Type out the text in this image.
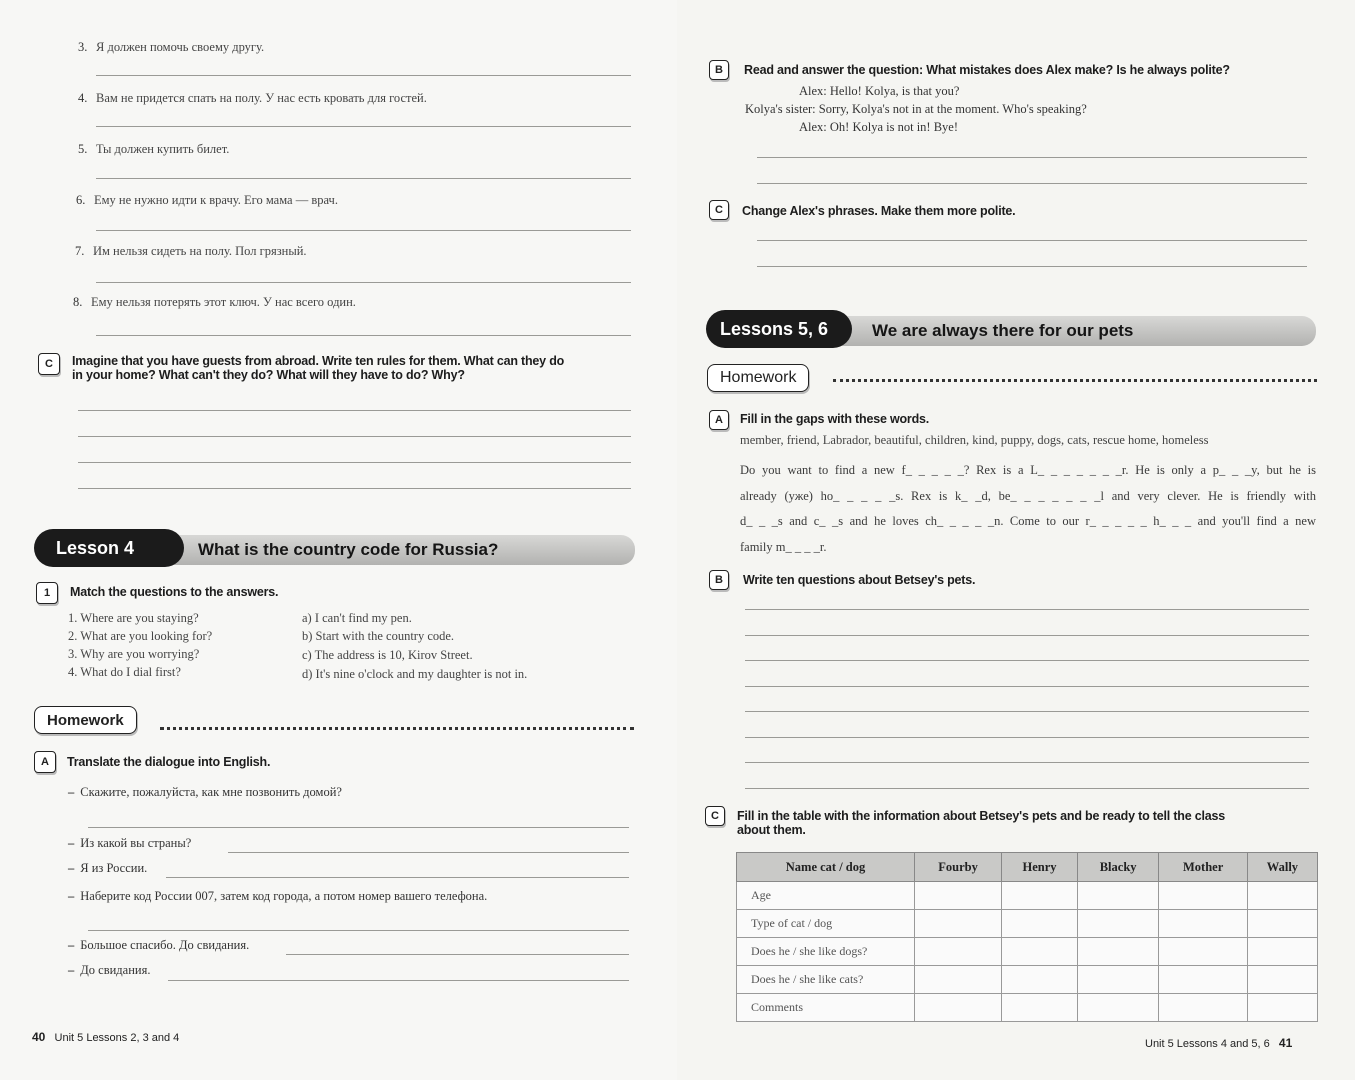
3. Я должен помочь своему другу.
4. Вам не придется спать на полу. У нас есть кровать для гостей.
5. Ты должен купить билет.
6. Ему не нужно идти к врачу. Его мама — врач.
7. Им нельзя сидеть на полу. Пол грязный.
8. Ему нельзя потерять этот ключ. У нас всего один.
C	Imagine that you have guests from abroad. Write ten rules for them. What can they do
in your home? What can't they do? What will they have to do? Why?
Lesson 4	What is the country code for Russia?
1	Match the questions to the answers.
1. Where are you staying?
2. What are you looking for?
3. Why are you worrying?
4. What do I dial first?
a) I can't find my pen.
b) Start with the country code.
c) The address is 10, Kirov Street.
d) It's nine o'clock and my daughter is not in.
Homework
A	Translate the dialogue into English.
– Скажите, пожалуйста, как мне позвонить домой?
– Из какой вы страны?
– Я из России.
– Наберите код России 007, затем код города, а потом номер вашего телефона.
– Большое спасибо. До свидания.
– До свидания.
40 Unit 5 Lessons 2, 3 and 4
B	Read and answer the question: What mistakes does Alex make? Is he always polite?
Alex: Hello! Kolya, is that you?
Kolya's sister: Sorry, Kolya's not in at the moment. Who's speaking?
Alex: Oh! Kolya is not in! Bye!
C	Change Alex's phrases. Make them more polite.
Lessons 5, 6	We are always there for our pets
Homework
A	Fill in the gaps with these words.
member, friend, Labrador, beautiful, children, kind, puppy, dogs, cats, rescue home, homeless
Do you want to find a new f_ _ _ _ _? Rex is a L_ _ _ _ _ _ _r. He is only a p_ _ _y, but he is
already (уже) ho_ _ _ _ _s. Rex is k_ _d, be_ _ _ _ _ _ _l and very clever. He is friendly with
d_ _ _s and c_ _s and he loves ch_ _ _ _ _n. Come to our r_ _ _ _ _ h_ _ _ and you'll find a new
family m_ _ _ _r.
B	Write ten questions about Betsey's pets.
C	Fill in the table with the information about Betsey's pets and be ready to tell the class
about them.
Name cat / dog	Fourby	Henry	Blacky	Mother	Wally
Age					
Type of cat / dog					
Does he / she like dogs?					
Does he / she like cats?					
Comments					
Unit 5 Lessons 4 and 5, 6 41
